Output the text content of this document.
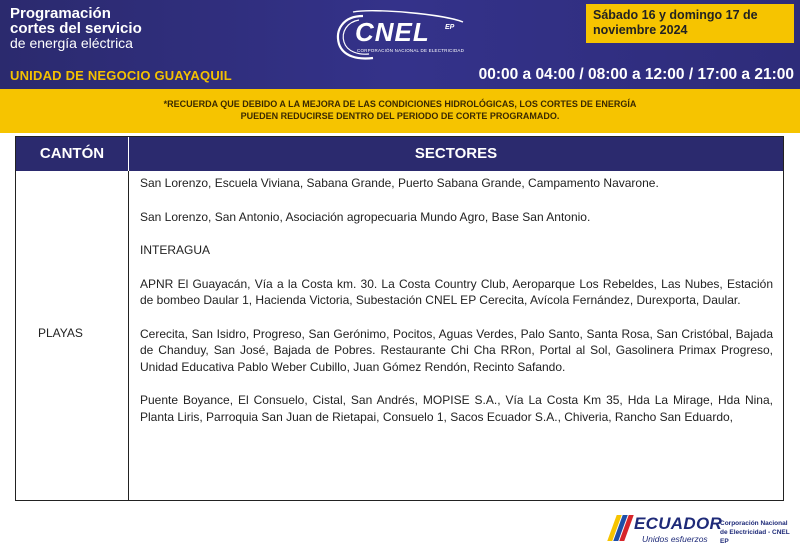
Programación
cortes del servicio
de energía eléctrica
UNIDAD DE NEGOCIO GUAYAQUIL
CNEL EP
CORPORACIÓN NACIONAL DE ELECTRICIDAD
Sábado 16 y domingo 17 de noviembre 2024
00:00 a 04:00 / 08:00 a 12:00 / 17:00 a 21:00
*RECUERDA QUE DEBIDO A LA MEJORA DE LAS CONDICIONES HIDROLÓGICAS, LOS CORTES DE ENERGÍA
PUEDEN REDUCIRSE DENTRO DEL PERIODO DE CORTE PROGRAMADO.
CANTÓN	SECTORES
PLAYAS

San Lorenzo, Escuela Viviana, Sabana Grande, Puerto Sabana Grande, Campamento Navarone.

San Lorenzo, San Antonio, Asociación agropecuaria Mundo Agro, Base San Antonio.

INTERAGUA

APNR El Guayacán, Vía a la Costa km. 30. La Costa Country Club, Aeroparque Los Rebeldes, Las Nubes, Estación de bombeo Daular 1, Hacienda Victoria, Subestación CNEL EP Cerecita, Avícola Fernández, Durexporta, Daular.

Cerecita, San Isidro, Progreso, San Gerónimo, Pocitos, Aguas Verdes, Palo Santo, Santa Rosa, San Cristóbal, Bajada de Chanduy, San José, Bajada de Pobres. Restaurante Chi Cha RRon, Portal al Sol, Gasolinera Primax Progreso, Unidad Educativa Pablo Weber Cubillo, Juan Gómez Rendón, Recinto Safando.

Puente Boyance, El Consuelo, Cistal, San Andrés, MOPISE S.A., Vía La Costa Km 35, Hda La Mirage, Hda Nina, Planta Liris, Parroquia San Juan de Rietapai, Consuelo 1, Sacos Ecuador S.A., Chiveria, Rancho San Eduardo,

ECUADOR
Unidos esfuerzos
Corporación Nacional
de Electricidad - CNEL EP
